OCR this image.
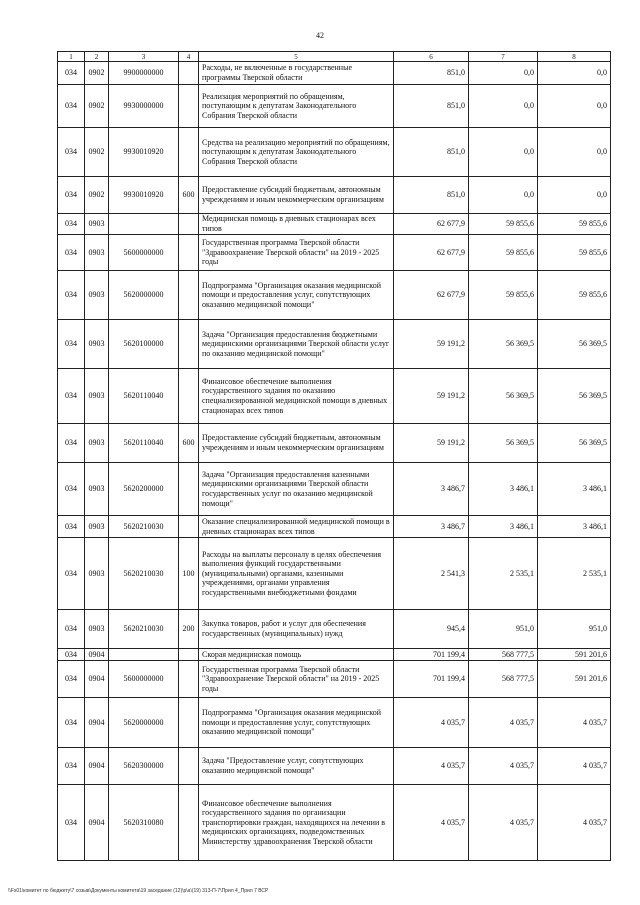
42
1	2	3	4	5	6	7	8
034	0902	9900000000		Расходы, не включенные в государственные программы Тверской области	851,0	0,0	0,0
034	0902	9930000000		Реализация мероприятий по обращениям, поступающим к депутатам Законодательного Собрания Тверской области	851,0	0,0	0,0
034	0902	9930010920		Средства на реализацию мероприятий по обращениям, поступающим к депутатам Законодательного Собрания Тверской области	851,0	0,0	0,0
034	0902	9930010920	600	Предоставление субсидий бюджетным, автономным учреждениям и иным некоммерческим организациям	851,0	0,0	0,0
034	0903			Медицинская помощь в дневных стационарах всех типов	62 677,9	59 855,6	59 855,6
034	0903	5600000000		Государственная программа Тверской области "Здравоохранение Тверской области" на 2019 - 2025 годы	62 677,9	59 855,6	59 855,6
034	0903	5620000000		Подпрограмма "Организация оказания медицинской помощи и предоставления услуг, сопутствующих оказанию медицинской помощи"	62 677,9	59 855,6	59 855,6
034	0903	5620100000		Задача "Организация предоставления бюджетными медицинскими организациями Тверской области услуг по оказанию медицинской помощи"	59 191,2	56 369,5	56 369,5
034	0903	5620110040		Финансовое обеспечение выполнения государственного задания по оказанию специализированной медицинской помощи в дневных стационарах всех типов	59 191,2	56 369,5	56 369,5
034	0903	5620110040	600	Предоставление субсидий бюджетным, автономным учреждениям и иным некоммерческим организациям	59 191,2	56 369,5	56 369,5
034	0903	5620200000		Задача "Организация предоставления казенными медицинскими организациями Тверской области государственных услуг по оказанию медицинской помощи"	3 486,7	3 486,1	3 486,1
034	0903	5620210030		Оказание специализированной медицинской помощи в дневных стационарах всех типов	3 486,7	3 486,1	3 486,1
034	0903	5620210030	100	Расходы на выплаты персоналу в целях обеспечения выполнения функций государственными (муниципальными) органами, казенными учреждениями, органами управления государственными внебюджетными фондами	2 541,3	2 535,1	2 535,1
034	0903	5620210030	200	Закупка товаров, работ и услуг для обеспечения государственных (муниципальных) нужд	945,4	951,0	951,0
034	0904			Скорая медицинская помощь	701 199,4	568 777,5	591 201,6
034	0904	5600000000		Государственная программа Тверской области "Здравоохранение Тверской области" на 2019 - 2025 годы	701 199,4	568 777,5	591 201,6
034	0904	5620000000		Подпрограмма "Организация оказания медицинской помощи и предоставления услуг, сопутствующих оказанию медицинской помощи"	4 035,7	4 035,7	4 035,7
034	0904	5620300000		Задача "Предоставление услуг, сопутствующих оказанию медицинской помощи"	4 035,7	4 035,7	4 035,7
034	0904	5620310080		Финансовое обеспечение выполнения государственного задания по организации транспортировки граждан, находящихся на лечении в медицинских организациях, подведомственных Министерству здравоохранения Тверской области	4 035,7	4 035,7	4 035,7
\\Fs01\комитет по бюджету\7 созыв\Документы комитета\19 заседание (12)\p\a\(19) 313-П-7\Прил 4_Прил 7 ВСР
